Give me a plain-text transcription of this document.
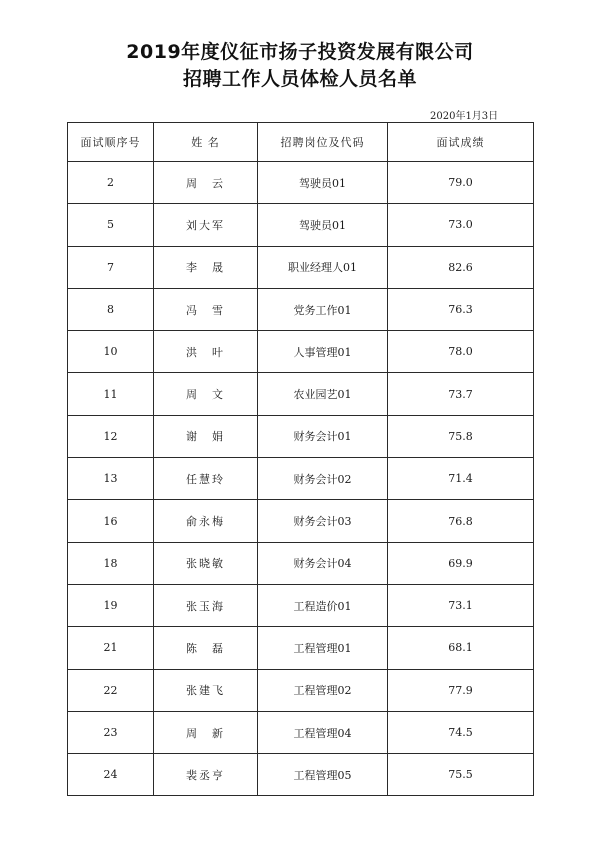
2019年度仪征市扬子投资发展有限公司
招聘工作人员体检人员名单
2020年1月3日
面试顺序号	姓 名	招聘岗位及代码	面试成绩
2	周　云	驾驶员01	79.0
5	刘大军	驾驶员01	73.0
7	李　晟	职业经理人01	82.6
8	冯　雪	党务工作01	76.3
10	洪　叶	人事管理01	78.0
11	周　文	农业园艺01	73.7
12	谢　娟	财务会计01	75.8
13	任慧玲	财务会计02	71.4
16	俞永梅	财务会计03	76.8
18	张晓敏	财务会计04	69.9
19	张玉海	工程造价01	73.1
21	陈　磊	工程管理01	68.1
22	张建飞	工程管理02	77.9
23	周　新	工程管理04	74.5
24	裴丞亨	工程管理05	75.5
